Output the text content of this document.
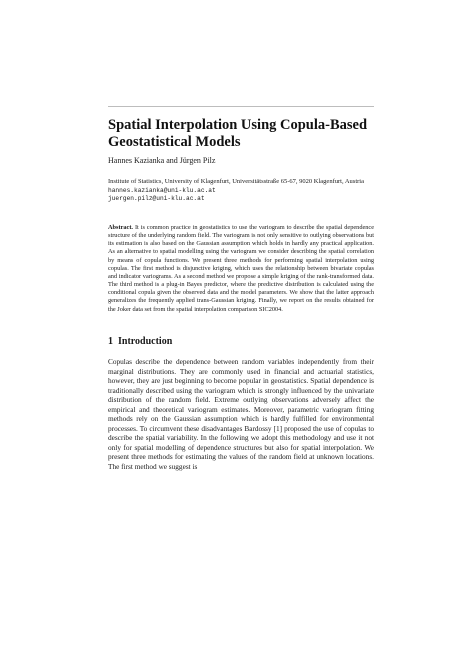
Spatial Interpolation Using Copula-Based Geostatistical Models
Hannes Kazianka and Jürgen Pilz
Institute of Statistics, University of Klagenfurt, Universitätsstraße 65-67, 9020 Klagenfurt, Austria
hannes.kazianka@uni-klu.ac.at
juergen.pilz@uni-klu.ac.at
Abstract. It is common practice in geostatistics to use the variogram to describe the spatial dependence structure of the underlying random field. The variogram is not only sensitive to outlying observations but its estimation is also based on the Gaussian assumption which holds in hardly any practical application. As an alternative to spatial modelling using the variogram we consider describing the spatial correlation by means of copula functions. We present three methods for performing spatial interpolation using copulas. The first method is disjunctive kriging, which uses the relationship between bivariate copulas and indicator variograms. As a second method we propose a simple kriging of the rank-transformed data. The third method is a plug-in Bayes predictor, where the predictive distribution is calculated using the conditional copula given the observed data and the model parameters. We show that the latter approach generalizes the frequently applied trans-Gaussian kriging. Finally, we report on the results obtained for the Joker data set from the spatial interpolation comparison SIC2004.
1 Introduction
Copulas describe the dependence between random variables independently from their marginal distributions. They are commonly used in financial and actuarial statistics, however, they are just beginning to become popular in geostatistics. Spatial dependence is traditionally described using the variogram which is strongly influenced by the univariate distribution of the random field. Extreme outlying observations adversely affect the empirical and theoretical variogram estimates. Moreover, parametric variogram fitting methods rely on the Gaussian assumption which is hardly fulfilled for environmental processes. To circumvent these disadvantages Bardossy [1] proposed the use of copulas to describe the spatial variability. In the following we adopt this methodology and use it not only for spatial modelling of dependence structures but also for spatial interpolation. We present three methods for estimating the values of the random field at unknown locations. The first method we suggest is
